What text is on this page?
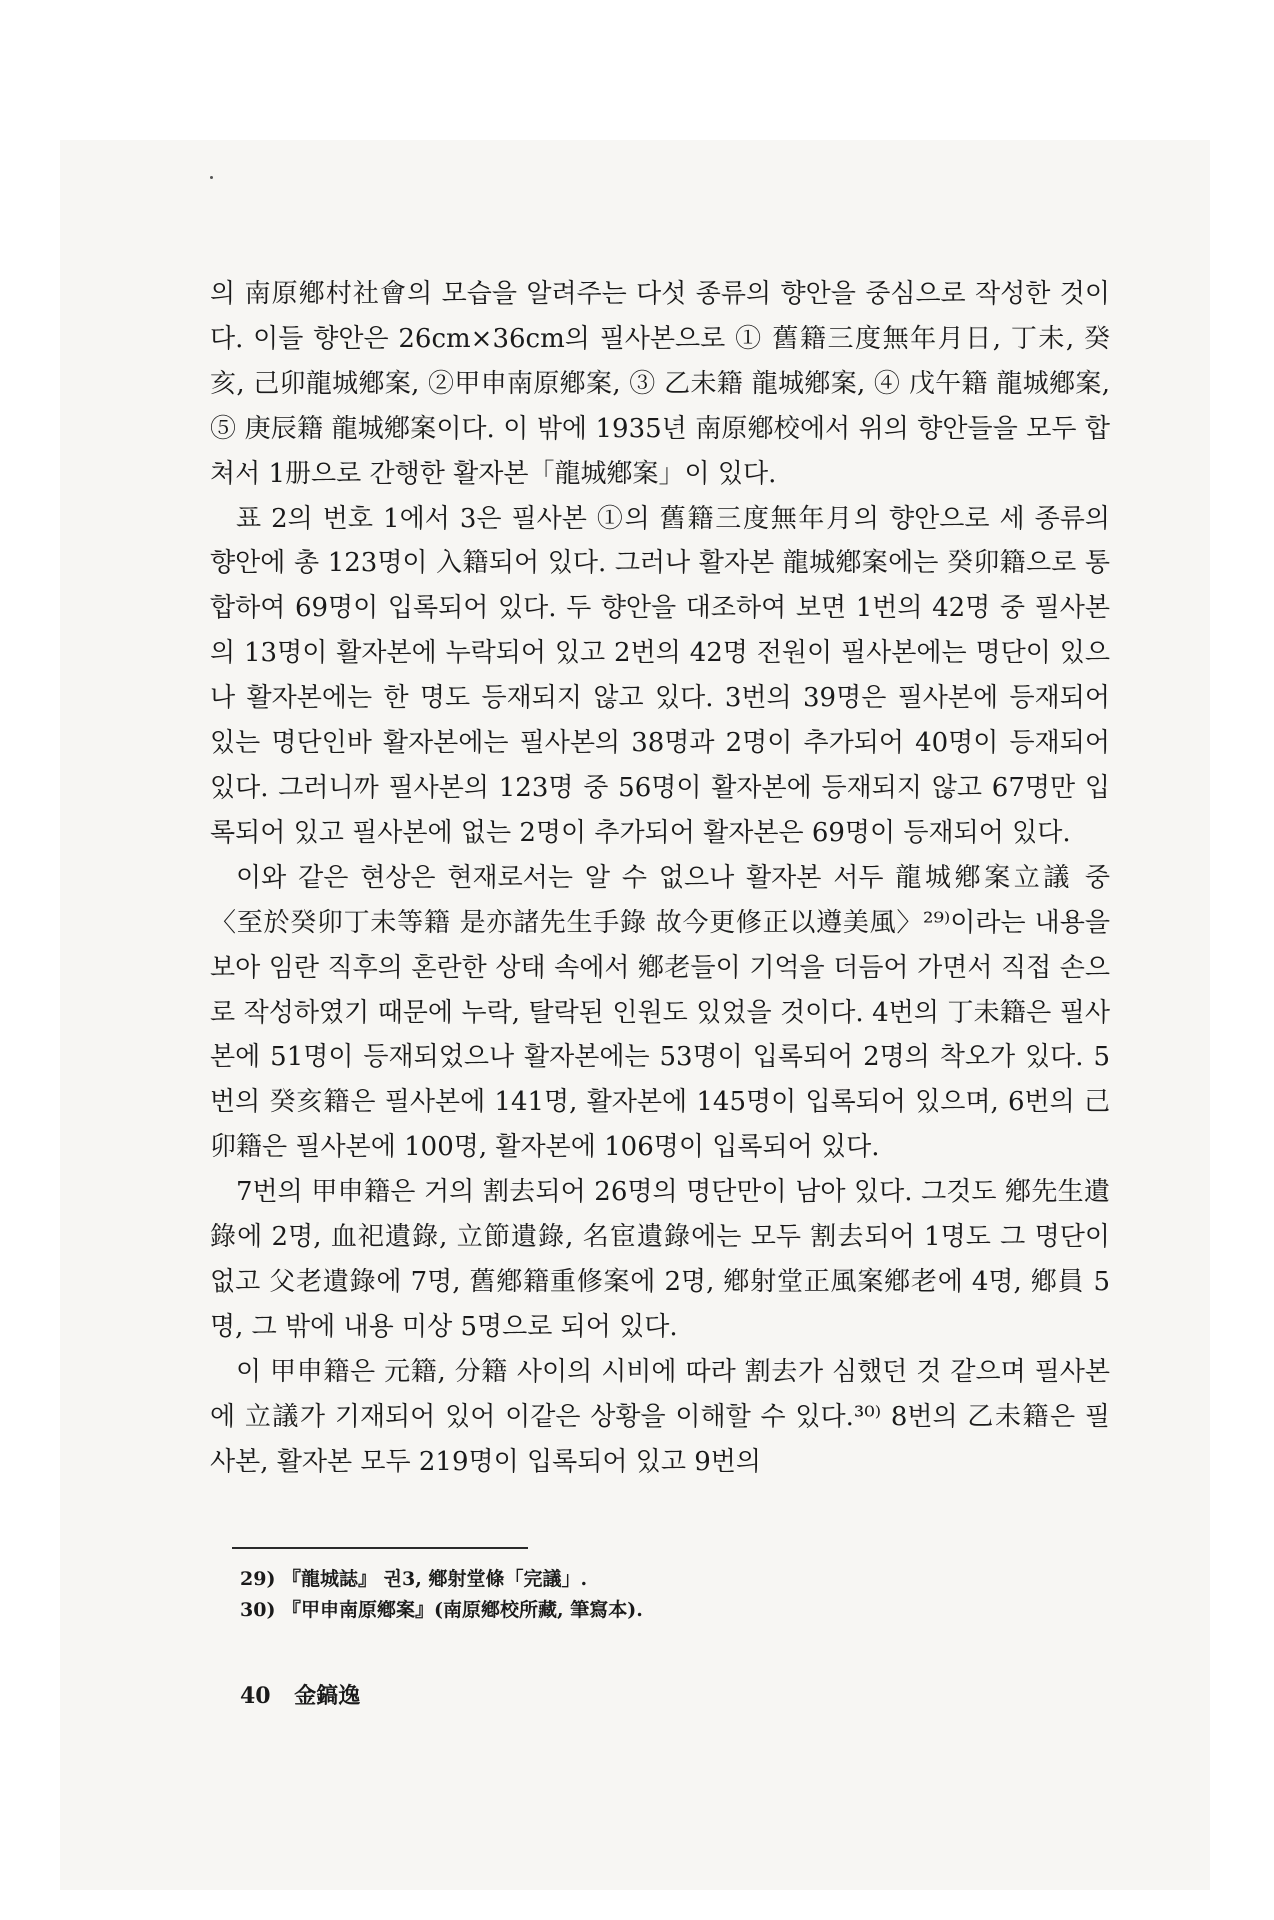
의 南原鄕村社會의 모습을 알려주는 다섯 종류의 향안을 중심으로 작성한 것이다. 이들 향안은 26cm×36cm의 필사본으로 ① 舊籍三度無年月日, 丁未, 癸亥, 己卯龍城鄕案, ②甲申南原鄕案, ③ 乙未籍 龍城鄕案, ④ 戊午籍 龍城鄕案, ⑤ 庚辰籍 龍城鄕案이다. 이 밖에 1935년 南原鄕校에서 위의 향안들을 모두 합쳐서 1册으로 간행한 활자본「龍城鄕案」이 있다.

표 2의 번호 1에서 3은 필사본 ①의 舊籍三度無年月의 향안으로 세 종류의 향안에 총 123명이 入籍되어 있다. 그러나 활자본 龍城鄕案에는 癸卯籍으로 통합하여 69명이 입록되어 있다. 두 향안을 대조하여 보면 1번의 42명 중 필사본의 13명이 활자본에 누락되어 있고 2번의 42명 전원이 필사본에는 명단이 있으나 활자본에는 한 명도 등재되지 않고 있다. 3번의 39명은 필사본에 등재되어 있는 명단인바 활자본에는 필사본의 38명과 2명이 추가되어 40명이 등재되어 있다. 그러니까 필사본의 123명 중 56명이 활자본에 등재되지 않고 67명만 입록되어 있고 필사본에 없는 2명이 추가되어 활자본은 69명이 등재되어 있다.

이와 같은 현상은 현재로서는 알 수 없으나 활자본 서두 龍城鄕案立議 중 〈至於癸卯丁未等籍 是亦諸先生手錄 故今更修正以遵美風〉²⁹⁾이라는 내용을 보아 임란 직후의 혼란한 상태 속에서 鄕老들이 기억을 더듬어 가면서 직접 손으로 작성하였기 때문에 누락, 탈락된 인원도 있었을 것이다. 4번의 丁未籍은 필사본에 51명이 등재되었으나 활자본에는 53명이 입록되어 2명의 착오가 있다. 5번의 癸亥籍은 필사본에 141명, 활자본에 145명이 입록되어 있으며, 6번의 己卯籍은 필사본에 100명, 활자본에 106명이 입록되어 있다.

7번의 甲申籍은 거의 割去되어 26명의 명단만이 남아 있다. 그것도 鄕先生遺錄에 2명, 血祀遺錄, 立節遺錄, 名宦遺錄에는 모두 割去되어 1명도 그 명단이 없고 父老遺錄에 7명, 舊鄕籍重修案에 2명, 鄕射堂正風案鄕老에 4명, 鄕員 5명, 그 밖에 내용 미상 5명으로 되어 있다.

이 甲申籍은 元籍, 分籍 사이의 시비에 따라 割去가 심했던 것 같으며 필사본에 立議가 기재되어 있어 이같은 상황을 이해할 수 있다.³⁰⁾ 8번의 乙未籍은 필사본, 활자본 모두 219명이 입록되어 있고 9번의

29) 『龍城誌』 권3, 鄕射堂條「完議」.

30) 『甲申南原鄕案』(南原鄕校所藏, 筆寫本).

40 金鎬逸
